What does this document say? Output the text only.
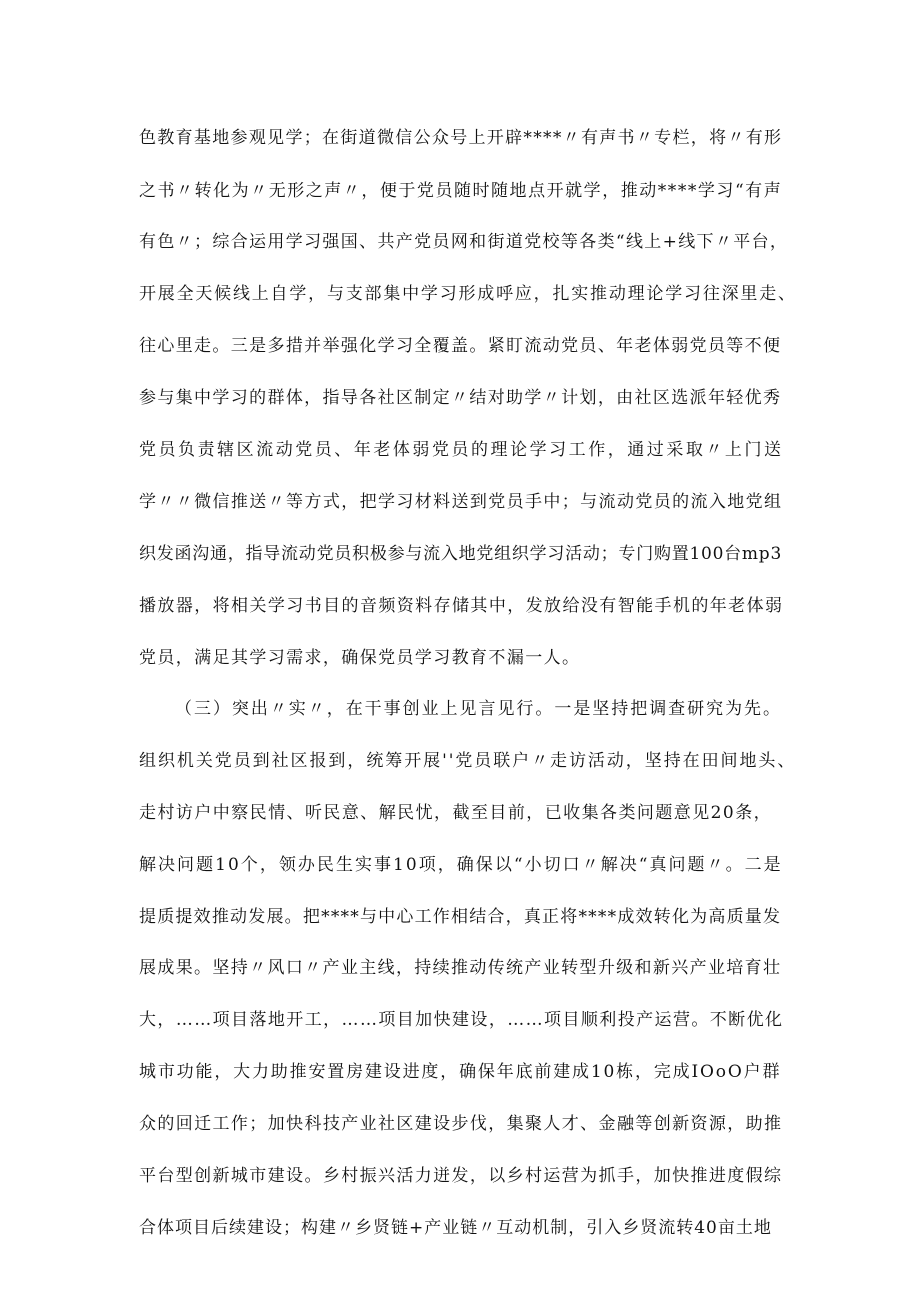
色教育基地参观见学；在街道微信公众号上开辟****〃有声书〃专栏，将〃有形
之书〃转化为〃无形之声〃，便于党员随时随地点开就学，推动****学习“有声
有色〃；综合运用学习强国、共产党员网和街道党校等各类“线上+线下〃平台，
开展全天候线上自学，与支部集中学习形成呼应，扎实推动理论学习往深里走、
往心里走。三是多措并举强化学习全覆盖。紧盯流动党员、年老体弱党员等不便
参与集中学习的群体，指导各社区制定〃结对助学〃计划，由社区选派年轻优秀
党员负责辖区流动党员、年老体弱党员的理论学习工作，通过采取〃上门送
学〃〃微信推送〃等方式，把学习材料送到党员手中；与流动党员的流入地党组
织发函沟通，指导流动党员积极参与流入地党组织学习活动；专门购置100台mp3
播放器，将相关学习书目的音频资料存储其中，发放给没有智能手机的年老体弱
党员，满足其学习需求，确保党员学习教育不漏一人。
（三）突出〃实〃，在干事创业上见言见行。一是坚持把调查研究为先。
组织机关党员到社区报到，统筹开展''党员联户〃走访活动，坚持在田间地头、
走村访户中察民情、听民意、解民忧，截至目前，已收集各类问题意见20条，
解决问题10个，领办民生实事10项，确保以“小切口〃解决“真问题〃。二是
提质提效推动发展。把****与中心工作相结合，真正将****成效转化为高质量发
展成果。坚持〃风口〃产业主线，持续推动传统产业转型升级和新兴产业培育壮
大，……项目落地开工，……项目加快建设，……项目顺利投产运营。不断优化
城市功能，大力助推安置房建设进度，确保年底前建成10栋，完成IOoO户群
众的回迁工作；加快科技产业社区建设步伐，集聚人才、金融等创新资源，助推
平台型创新城市建设。乡村振兴活力迸发，以乡村运营为抓手，加快推进度假综
合体项目后续建设；构建〃乡贤链+产业链〃互动机制，引入乡贤流转40亩土地
